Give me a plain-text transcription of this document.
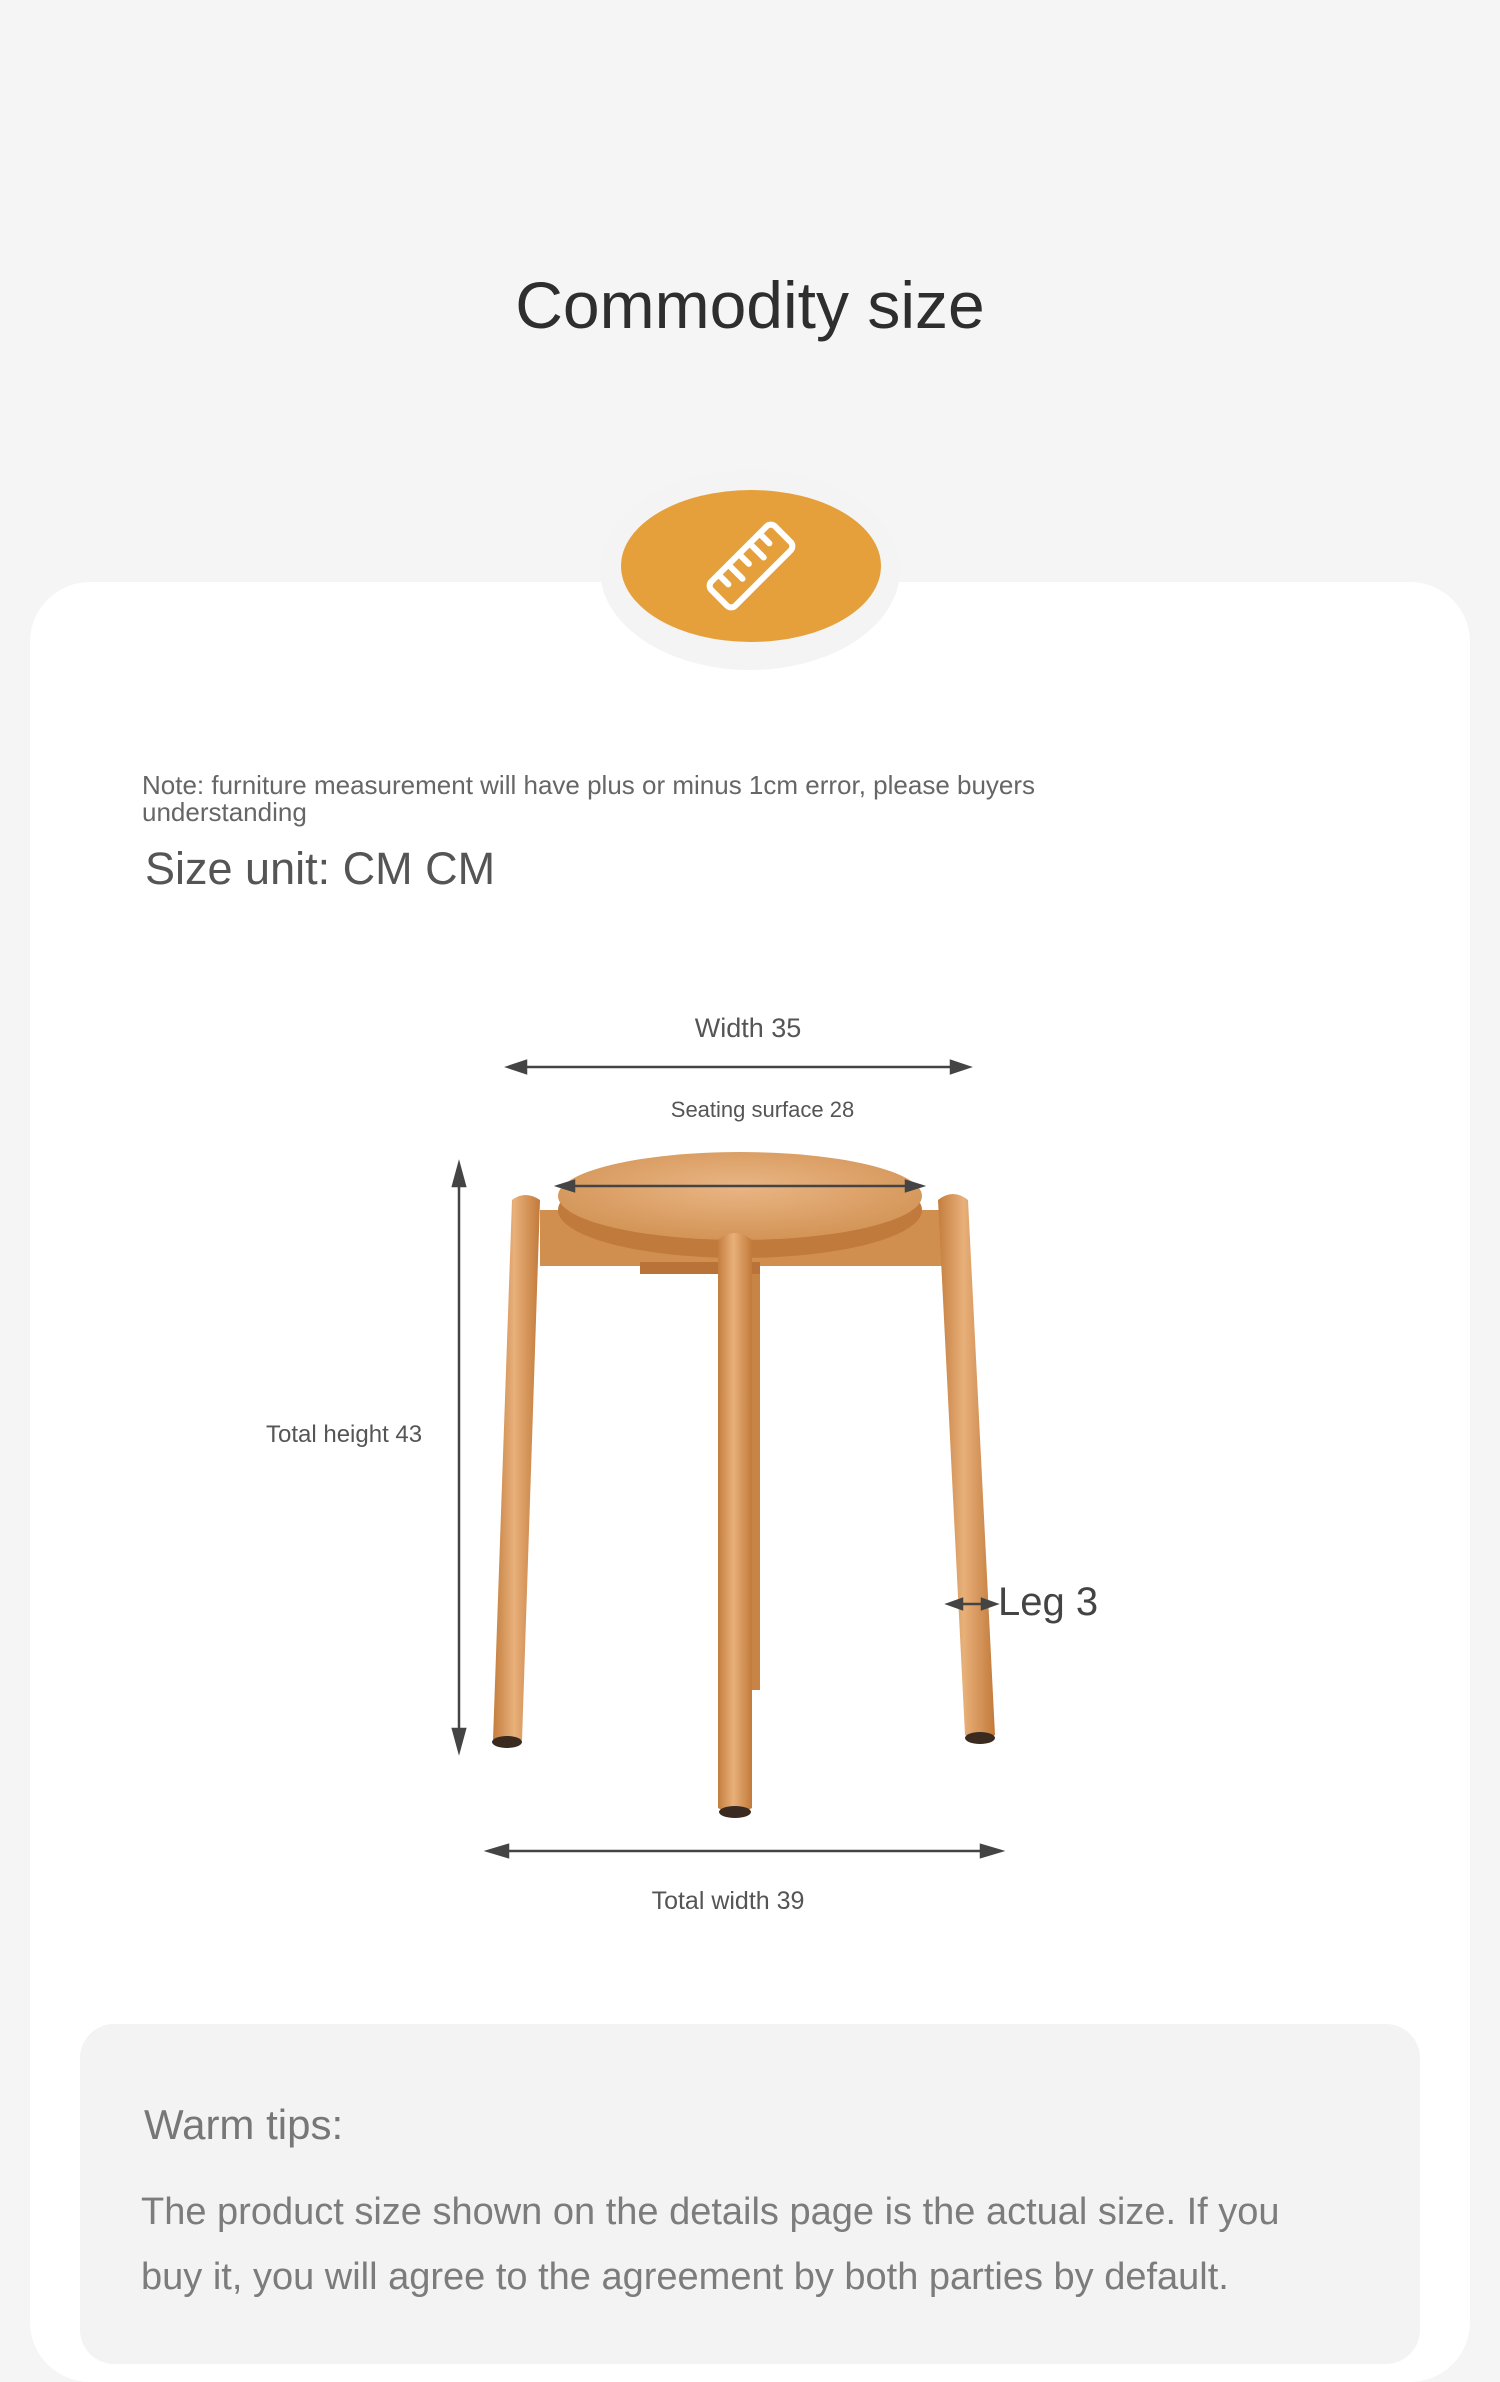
Commodity size
Note: furniture measurement will have plus or minus 1cm error, please buyers understanding
Size unit: CM CM
Width 35
Seating surface 28
Total height 43
Leg 3
Total width 39
Warm tips:
The product size shown on the details page is the actual size. If you buy it, you will agree to the agreement by both parties by default.
